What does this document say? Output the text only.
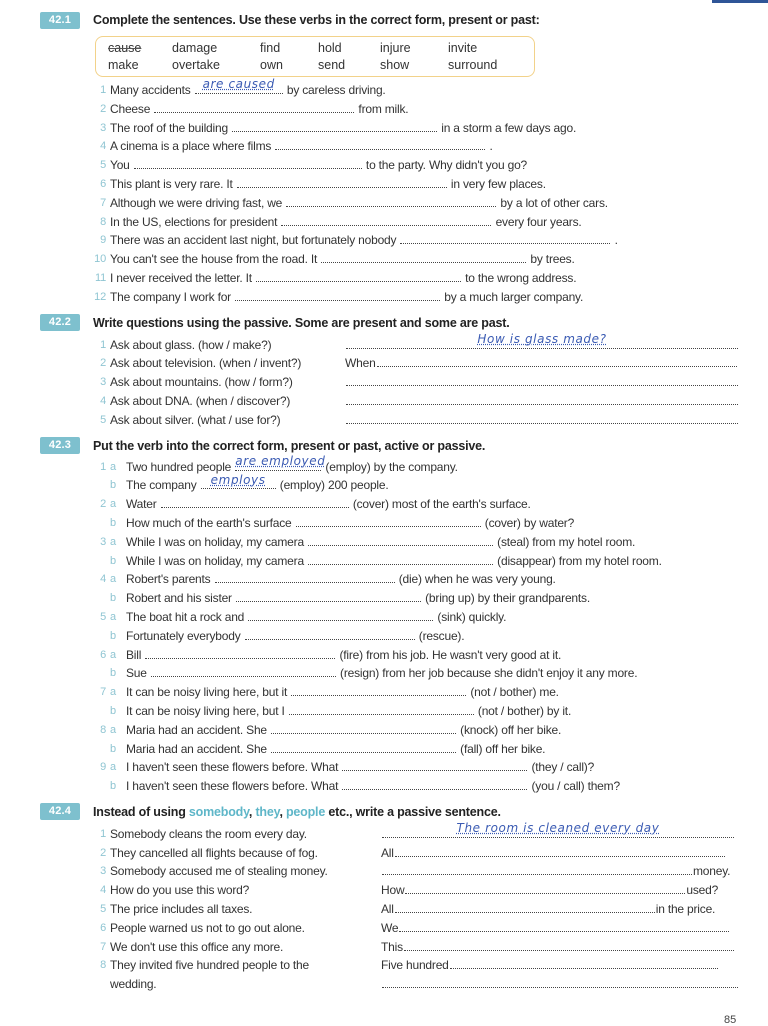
42.1	Complete the sentences. Use these verbs in the correct form, present or past:
cause	damage	find	hold	injure	invite
make	overtake	own	send	show	surround
1 Many accidents are caused by careless driving.
2 Cheese	from milk.
3 The roof of the building	in a storm a few days ago.
4 A cinema is a place where films	.
5 You	to the party. Why didn't you go?
6 This plant is very rare. It	in very few places.
7 Although we were driving fast, we	by a lot of other cars.
8 In the US, elections for president	every four years.
9 There was an accident last night, but fortunately nobody	.
10 You can't see the house from the road. It	by trees.
11 I never received the letter. It	to the wrong address.
12 The company I work for	by a much larger company.
42.2	Write questions using the passive. Some are present and some are past.
1 Ask about glass. (how / make?)	How is glass made?
2 Ask about television. (when / invent?)	When
3 Ask about mountains. (how / form?)
4 Ask about DNA. (when / discover?)
5 Ask about silver. (what / use for?)
42.3	Put the verb into the correct form, present or past, active or passive.
1 a Two hundred people are employed
(employ) by the company.
b The company employs (employ) 200 people.
2 a Water	(cover) most of the earth's surface.
b How much of the earth's surface	(cover) by water?
3 a While I was on holiday, my camera	(steal) from my hotel room.
b While I was on holiday, my camera	(disappear) from my hotel room.
4 a Robert's parents	(die) when he was very young.
b Robert and his sister	(bring up) by their grandparents.
5 a The boat hit a rock and	(sink) quickly.
b Fortunately everybody	(rescue).
6 a Bill	(fire) from his job. He wasn't very good at it.
b Sue	(resign) from her job because she didn't enjoy it any more.
7 a It can be noisy living here, but it	(not / bother) me.
b It can be noisy living here, but I	(not / bother) by it.
8 a Maria had an accident. She	(knock) off her bike.
b Maria had an accident. She	(fall) off her bike.
9 a I haven't seen these flowers before. What	(they / call)?
b I haven't seen these flowers before. What	(you / call) them?
42.4	Instead of using somebody, they, people etc., write a passive sentence.
1 Somebody cleans the room every day.	The room is cleaned every day
2 They cancelled all flights because of fog.	All
3 Somebody accused me of stealing money.	money.
4 How do you use this word?	How	used?
5 The price includes all taxes.	All	in the price.
6 People warned us not to go out alone.	We
7 We don't use this office any more.	This
8 They invited five hundred people to the	Five hundred
wedding.
85
